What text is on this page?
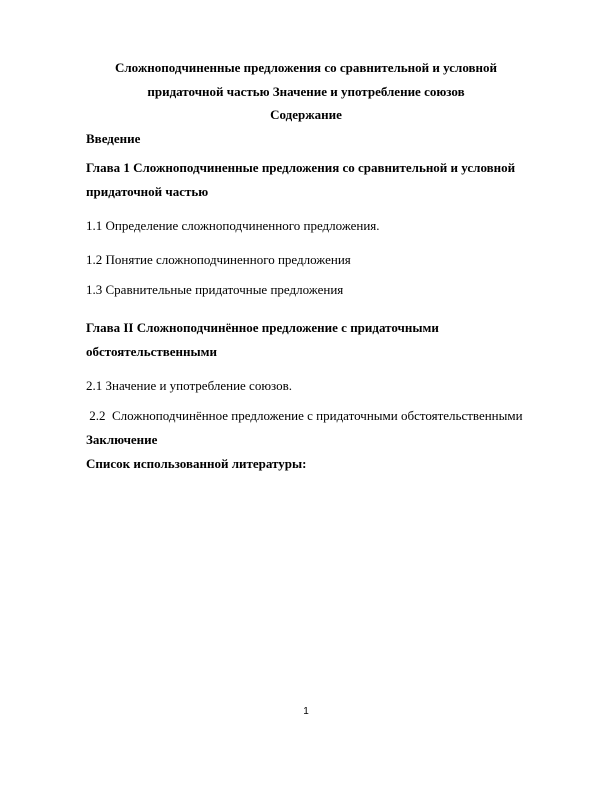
Сложноподчиненные предложения со сравнительной и условной
придаточной частью Значение и употребление союзов
Содержание
Введение
Глава 1 Сложноподчиненные предложения со сравнительной и условной
придаточной частью
1.1 Определение сложноподчиненного предложения.
1.2 Понятие сложноподчиненного предложения
1.3 Сравнительные придаточные предложения
Глава II Сложноподчинённое предложение с придаточными
обстоятельственными
2.1 Значение и употребление союзов.
2.2  Сложноподчинённое предложение с придаточными обстоятельственными
Заключение
Список использованной литературы:
1
